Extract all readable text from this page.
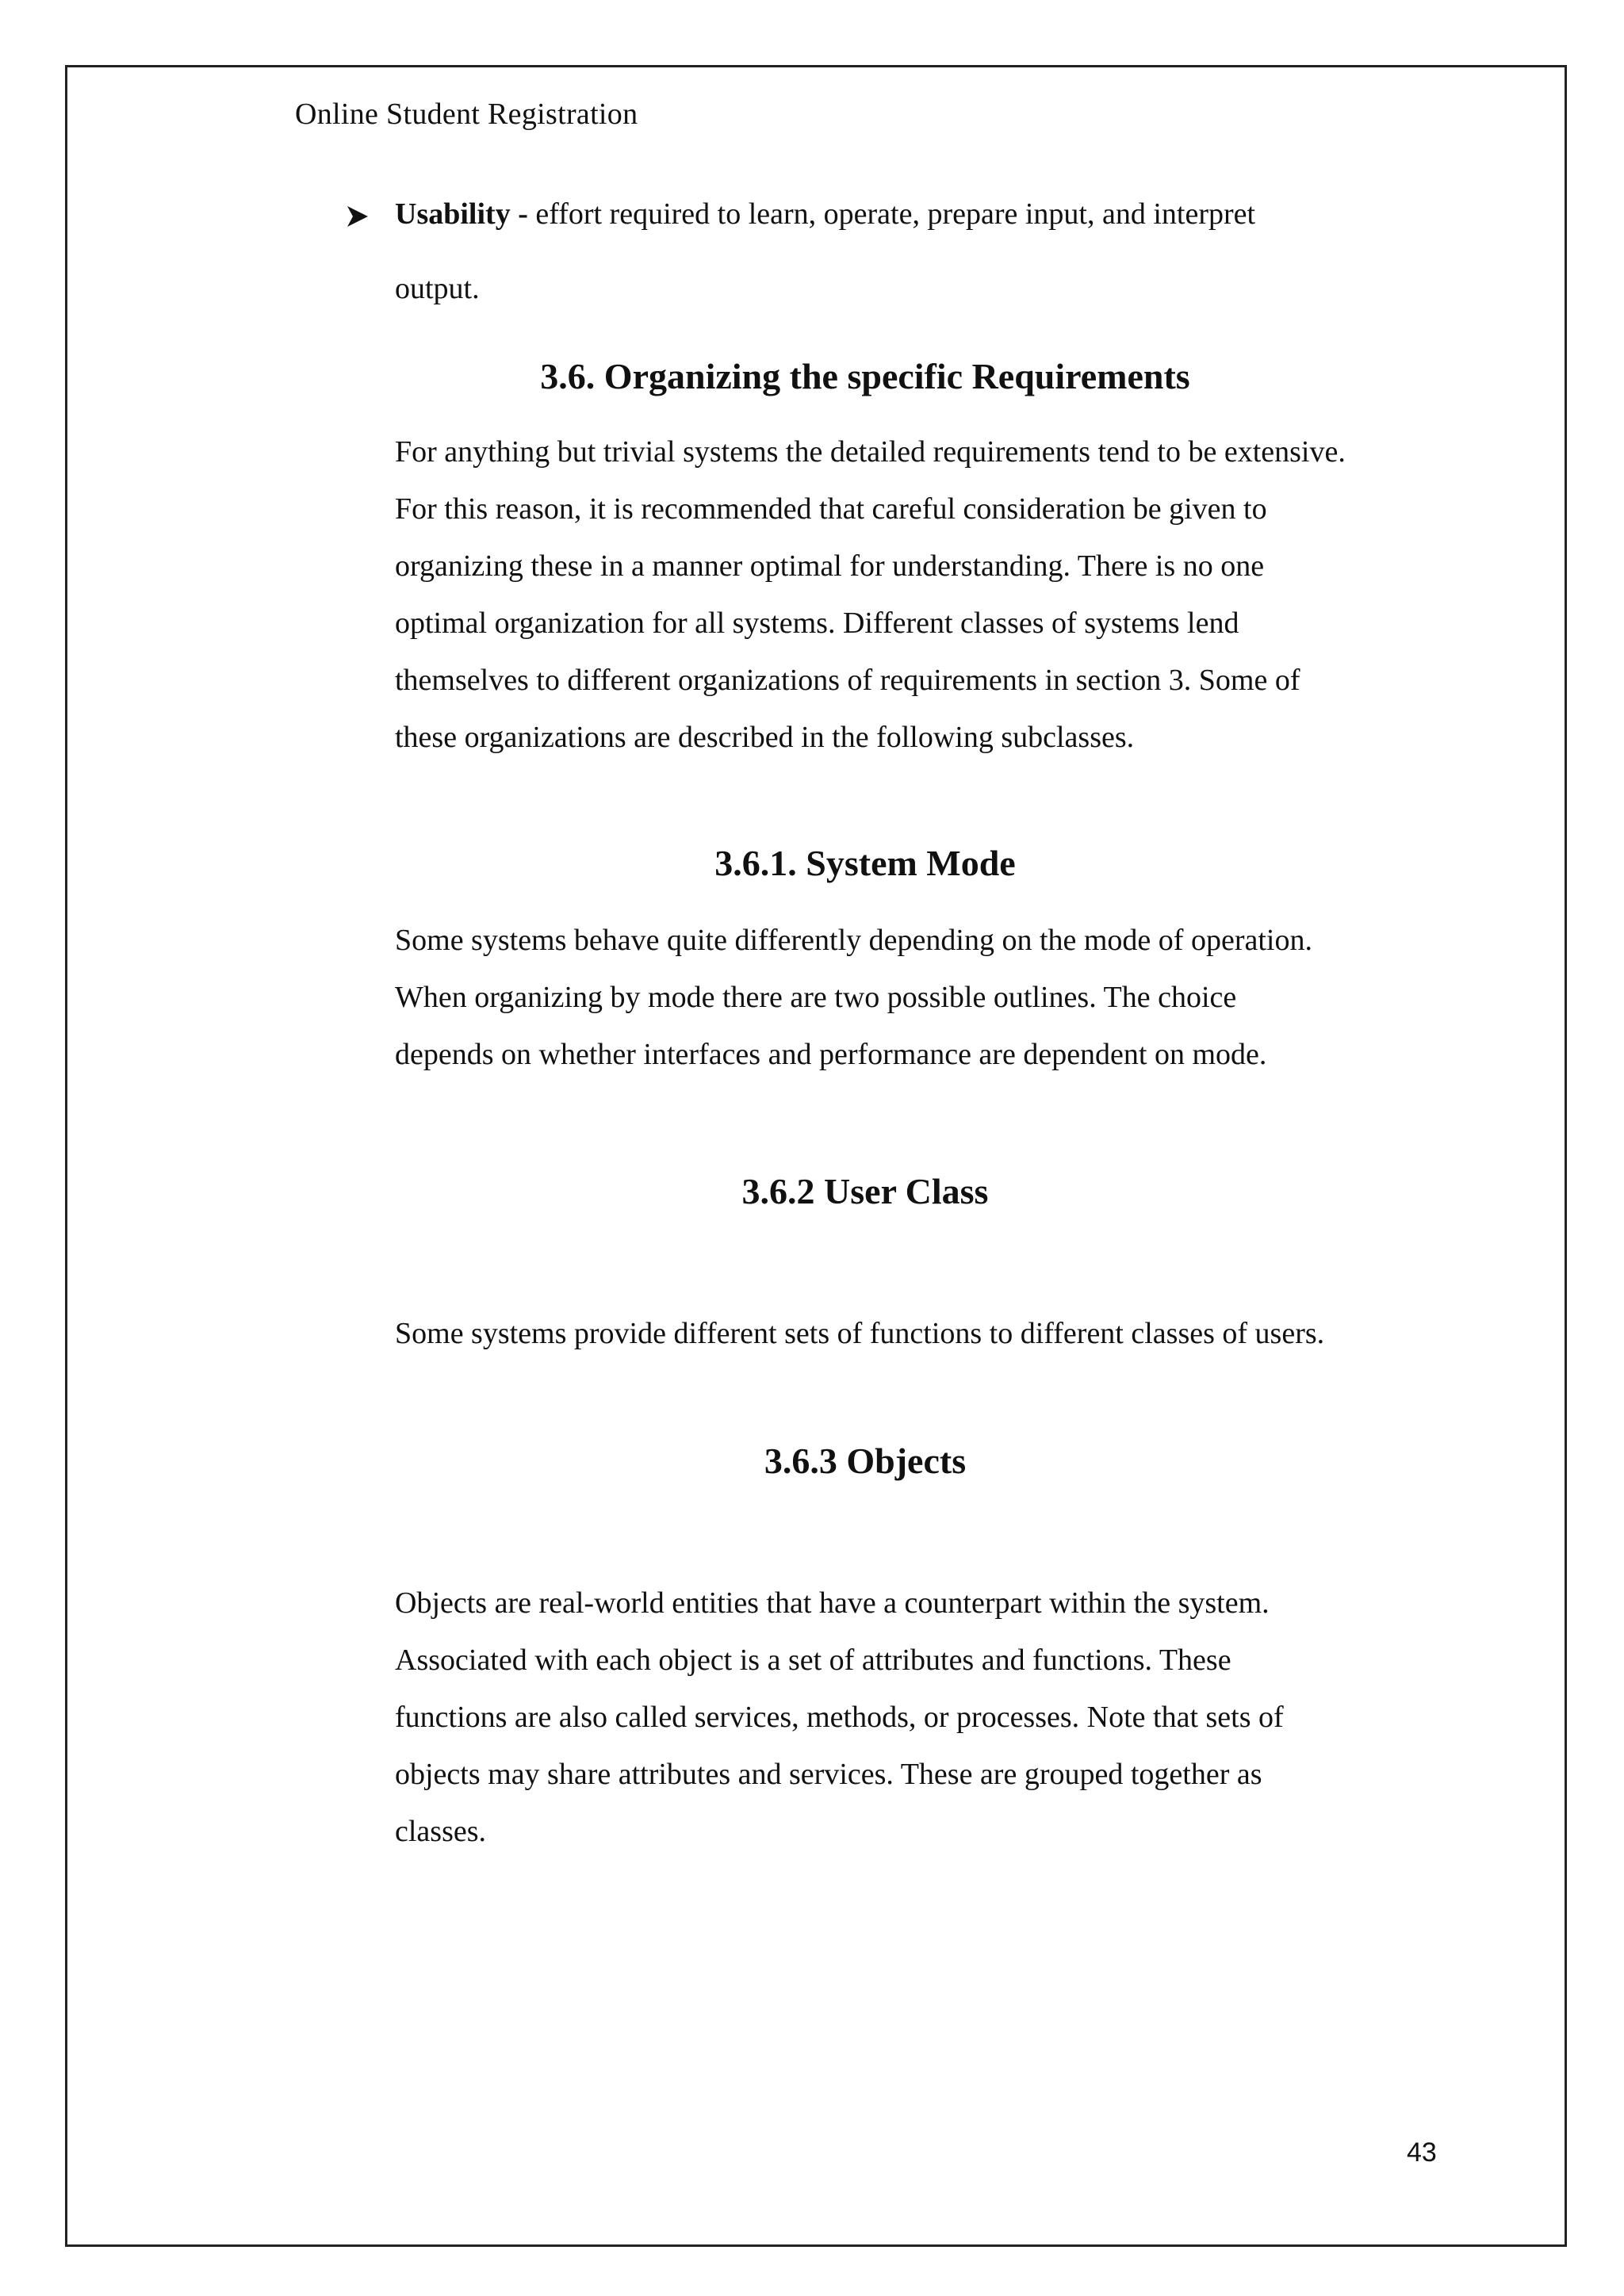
Online Student Registration
Usability - effort required to learn, operate, prepare input, and interpret
output.
3.6. Organizing the specific Requirements

For anything but trivial systems the detailed requirements tend to be extensive.
For this reason, it is recommended that careful consideration be given to
organizing these in a manner optimal for understanding. There is no one
optimal organization for all systems. Different classes of systems lend
themselves to different organizations of requirements in section 3. Some of
these organizations are described in the following subclasses.

3.6.1. System Mode

Some systems behave quite differently depending on the mode of operation.
When organizing by mode there are two possible outlines. The choice
depends on whether interfaces and performance are dependent on mode.

3.6.2 User Class

Some systems provide different sets of functions to different classes of users.

3.6.3 Objects

Objects are real-world entities that have a counterpart within the system.
Associated with each object is a set of attributes and functions. These
functions are also called services, methods, or processes. Note that sets of
objects may share attributes and services. These are grouped together as
classes.

43
